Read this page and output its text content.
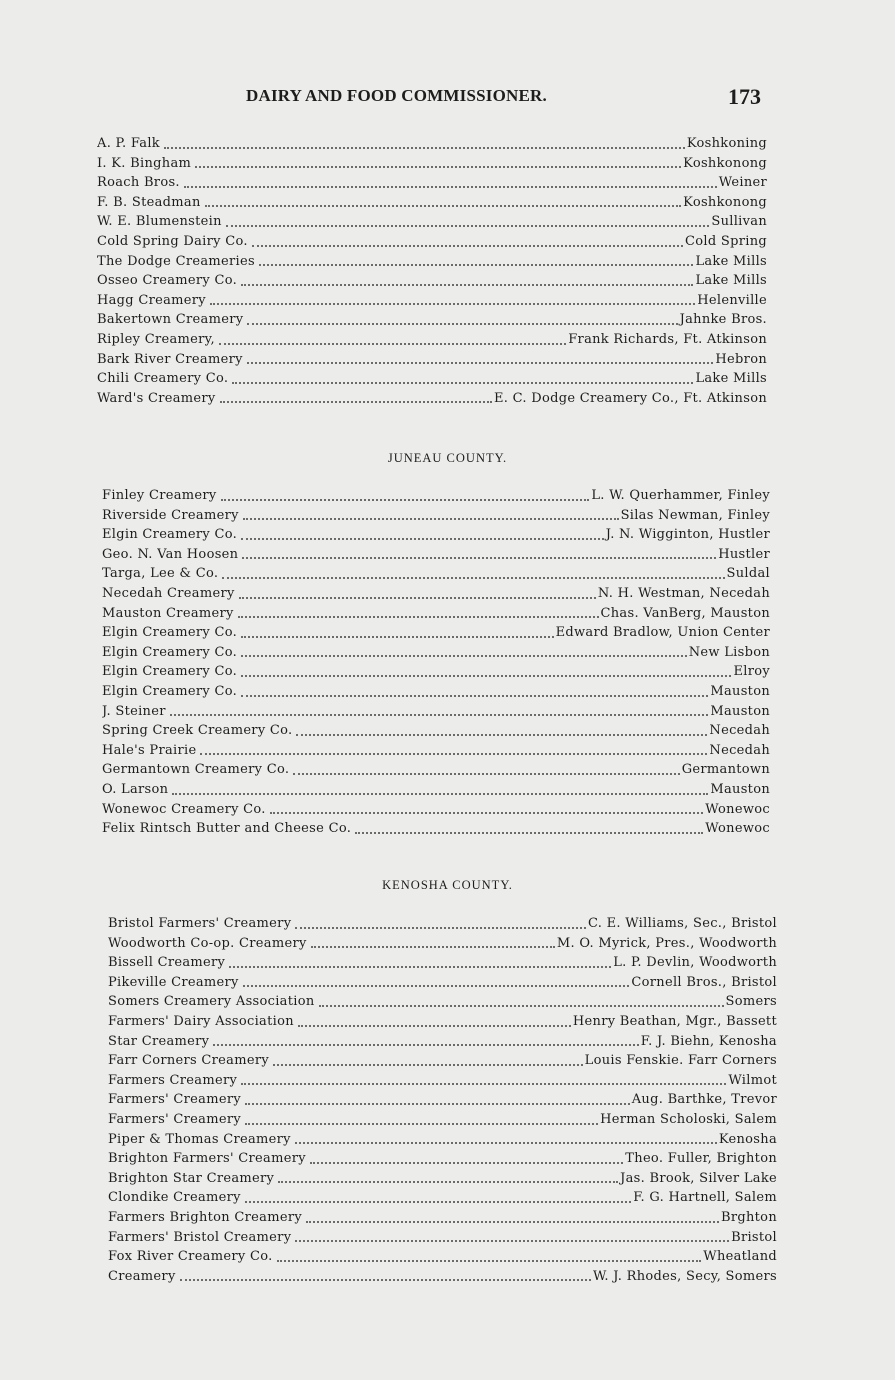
DAIRY AND FOOD COMMISSIONER.	173
A. P. Falk	Koshkoning
I. K. Bingham	Koshkonong
Roach Bros.	Weiner
F. B. Steadman	Koshkonong
W. E. Blumenstein	Sullivan
Cold Spring Dairy Co.	Cold Spring
The Dodge Creameries	Lake Mills
Osseo Creamery Co.	Lake Mills
Hagg Creamery	Helenville
Bakertown Creamery	Jahnke Bros.
Ripley Creamery,	Frank Richards, Ft. Atkinson
Bark River Creamery	Hebron
Chili Creamery Co.	Lake Mills
Ward's Creamery	E. C. Dodge Creamery Co., Ft. Atkinson
JUNEAU COUNTY.
Finley Creamery	L. W. Querhammer, Finley
Riverside Creamery	Silas Newman, Finley
Elgin Creamery Co.	J. N. Wigginton, Hustler
Geo. N. Van Hoosen	Hustler
Targa, Lee & Co.	Suldal
Necedah Creamery	N. H. Westman, Necedah
Mauston Creamery	Chas. VanBerg, Mauston
Elgin Creamery Co.	Edward Bradlow, Union Center
Elgin Creamery Co.	New Lisbon
Elgin Creamery Co.	Elroy
Elgin Creamery Co.	Mauston
J. Steiner	Mauston
Spring Creek Creamery Co.	Necedah
Hale's Prairie	Necedah
Germantown Creamery Co.	Germantown
O. Larson	Mauston
Wonewoc Creamery Co.	Wonewoc
Felix Rintsch Butter and Cheese Co.	Wonewoc
KENOSHA COUNTY.
Bristol Farmers' Creamery	C. E. Williams, Sec., Bristol
Woodworth Co-op. Creamery	M. O. Myrick, Pres., Woodworth
Bissell Creamery	L. P. Devlin, Woodworth
Pikeville Creamery	Cornell Bros., Bristol
Somers Creamery Association	Somers
Farmers' Dairy Association	Henry Beathan, Mgr., Bassett
Star Creamery	F. J. Biehn, Kenosha
Farr Corners Creamery	Louis Fenskie. Farr Corners
Farmers Creamery	Wilmot
Farmers' Creamery	Aug. Barthke, Trevor
Farmers' Creamery	Herman Scholoski, Salem
Piper & Thomas Creamery	Kenosha
Brighton Farmers' Creamery	Theo. Fuller, Brighton
Brighton Star Creamery	Jas. Brook, Silver Lake
Clondike Creamery	F. G. Hartnell, Salem
Farmers Brighton Creamery	Brghton
Farmers' Bristol Creamery	Bristol
Fox River Creamery Co.	Wheatland
Creamery	W. J. Rhodes, Secy, Somers
